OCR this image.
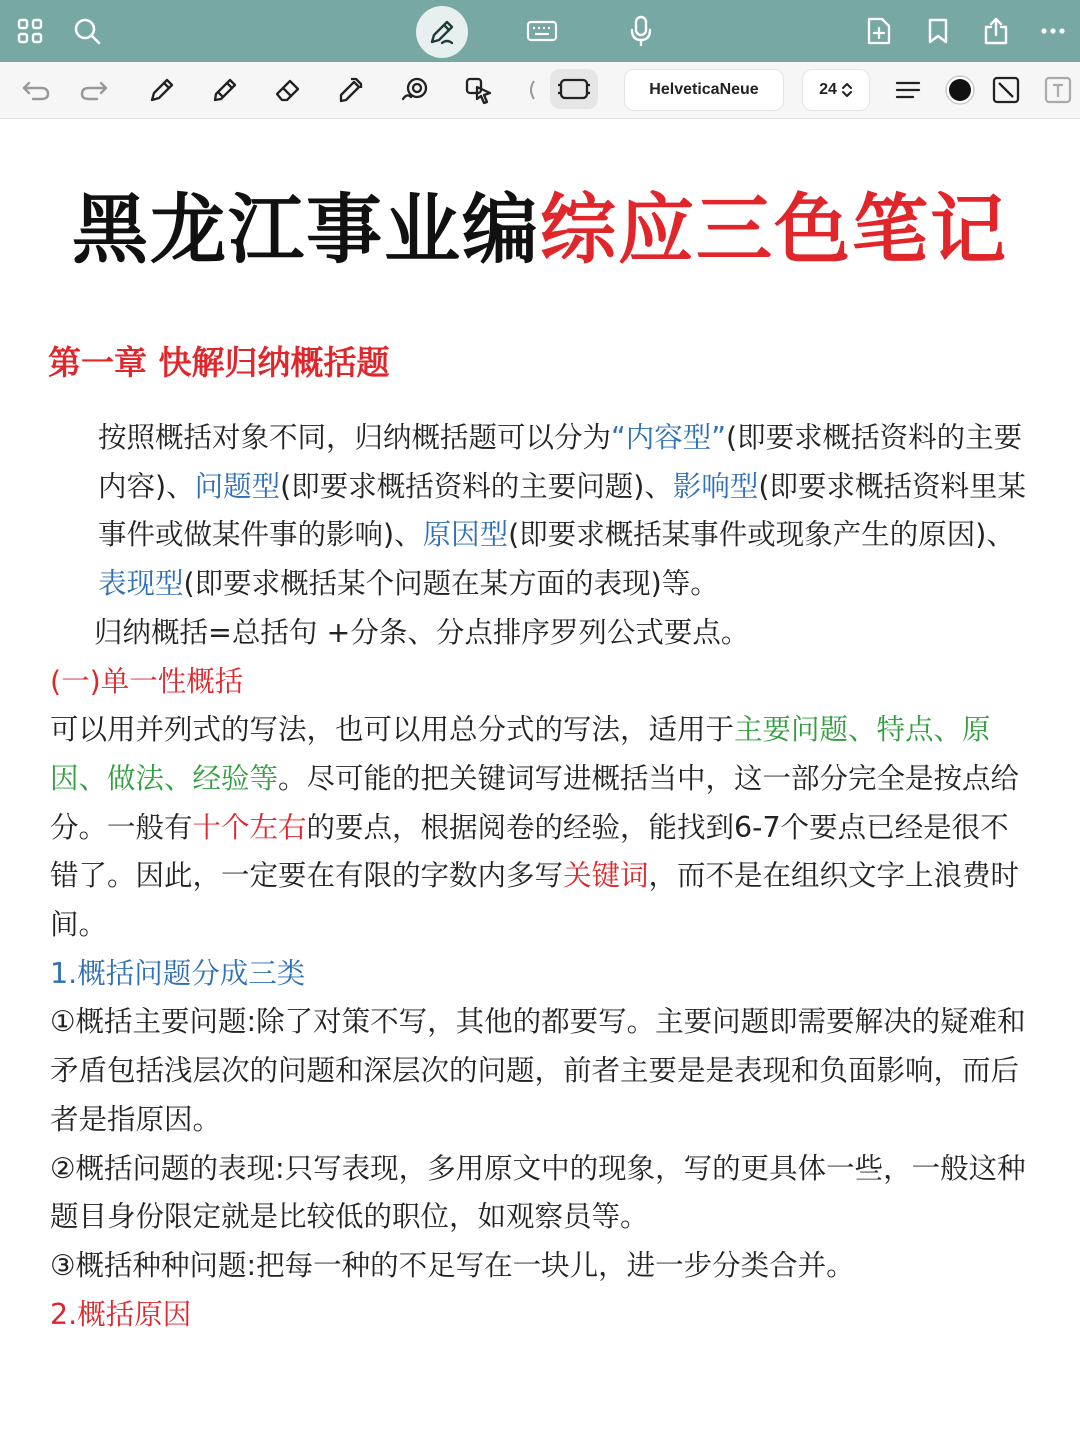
HelveticaNeue	24
黑龙江事业编综应三色笔记
第一章 快解归纳概括题

按照概括对象不同，归纳概括题可以分为“内容型”(即要求概括资料的主要内容)、问题型(即要求概括资料的主要问题)、影响型(即要求概括资料里某事件或做某件事的影响)、原因型(即要求概括某事件或现象产生的原因)、表现型(即要求概括某个问题在某方面的表现)等。

归纳概括=总括句 +分条、分点排序罗列公式要点。

(一)单一性概括

可以用并列式的写法，也可以用总分式的写法，适用于主要问题、特点、原因、做法、经验等。尽可能的把关键词写进概括当中，这一部分完全是按点给分。一般有十个左右的要点，根据阅卷的经验，能找到6-7个要点已经是很不错了。因此，一定要在有限的字数内多写关键词，而不是在组织文字上浪费时间。

1.概括问题分成三类

①概括主要问题:除了对策不写，其他的都要写。主要问题即需要解决的疑难和矛盾包括浅层次的问题和深层次的问题，前者主要是是表现和负面影响，而后者是指原因。

②概括问题的表现:只写表现，多用原文中的现象，写的更具体一些，一般这种题目身份限定就是比较低的职位，如观察员等。

③概括种种问题:把每一种的不足写在一块儿，进一步分类合并。

2.概括原因
